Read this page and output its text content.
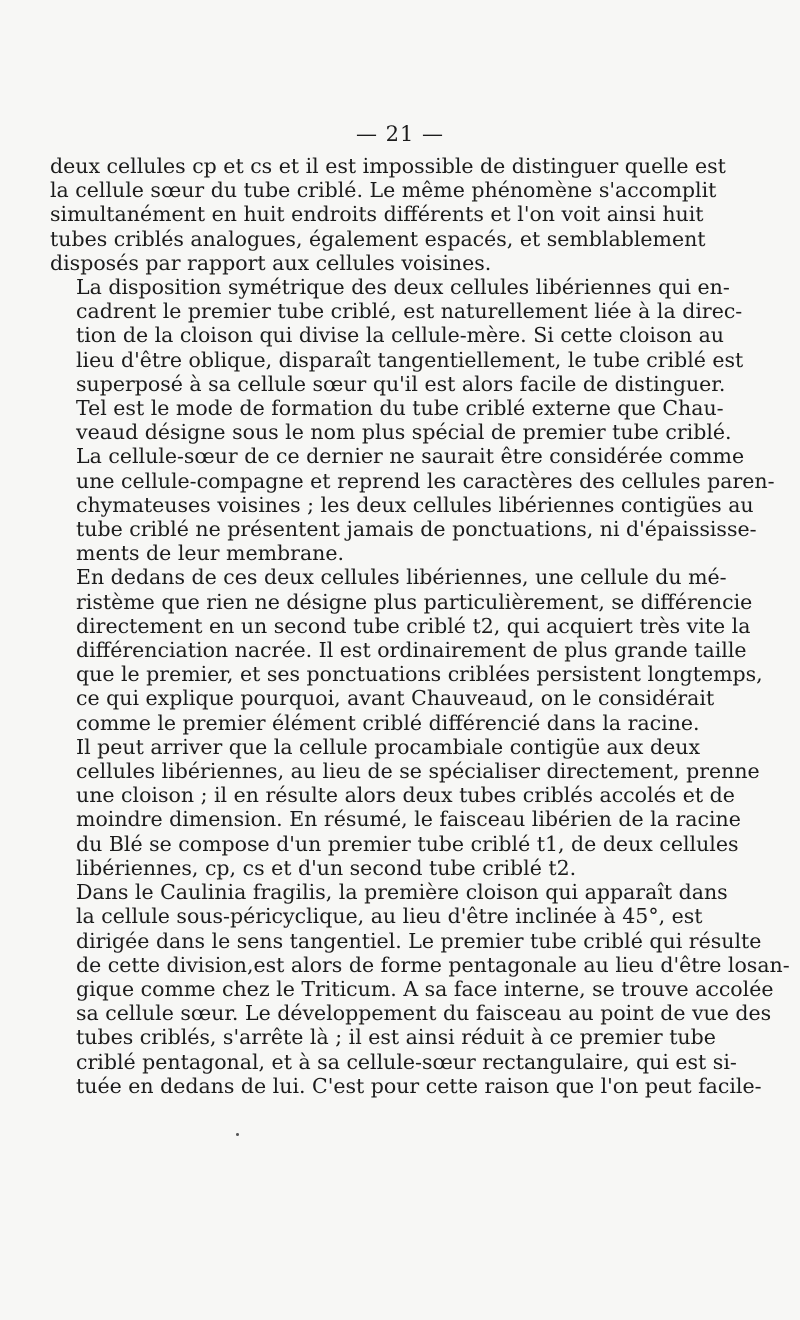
— 21 —

deux cellules cp et cs et il est impossible de distinguer quelle est
la cellule sœur du tube criblé. Le même phénomène s'accomplit
simultanément en huit endroits différents et l'on voit ainsi huit
tubes criblés analogues, également espacés, et semblablement
disposés par rapport aux cellules voisines.

La disposition symétrique des deux cellules libériennes qui en-
cadrent le premier tube criblé, est naturellement liée à la direc-
tion de la cloison qui divise la cellule-mère. Si cette cloison au
lieu d'être oblique, disparaît tangentiellement, le tube criblé est
superposé à sa cellule sœur qu'il est alors facile de distinguer.

Tel est le mode de formation du tube criblé externe que Chau-
veaud désigne sous le nom plus spécial de premier tube criblé.
La cellule-sœur de ce dernier ne saurait être considérée comme
une cellule-compagne et reprend les caractères des cellules paren-
chymateuses voisines ; les deux cellules libériennes contigües au
tube criblé ne présentent jamais de ponctuations, ni d'épaississe-
ments de leur membrane.

En dedans de ces deux cellules libériennes, une cellule du mé-
ristème que rien ne désigne plus particulièrement, se différencie
directement en un second tube criblé t2, qui acquiert très vite la
différenciation nacrée. Il est ordinairement de plus grande taille
que le premier, et ses ponctuations criblées persistent longtemps,
ce qui explique pourquoi, avant Chauveaud, on le considérait
comme le premier élément criblé différencié dans la racine.

Il peut arriver que la cellule procambiale contigüe aux deux
cellules libériennes, au lieu de se spécialiser directement, prenne
une cloison ; il en résulte alors deux tubes criblés accolés et de
moindre dimension. En résumé, le faisceau libérien de la racine
du Blé se compose d'un premier tube criblé t1, de deux cellules
libériennes, cp, cs et d'un second tube criblé t2.

Dans le Caulinia fragilis, la première cloison qui apparaît dans
la cellule sous-péricyclique, au lieu d'être inclinée à 45°, est
dirigée dans le sens tangentiel. Le premier tube criblé qui résulte
de cette division,est alors de forme pentagonale au lieu d'être losan-
gique comme chez le Triticum. A sa face interne, se trouve accolée
sa cellule sœur. Le développement du faisceau au point de vue des
tubes criblés, s'arrête là ; il est ainsi réduit à ce premier tube
criblé pentagonal, et à sa cellule-sœur rectangulaire, qui est si-
tuée en dedans de lui. C'est pour cette raison que l'on peut facile-
